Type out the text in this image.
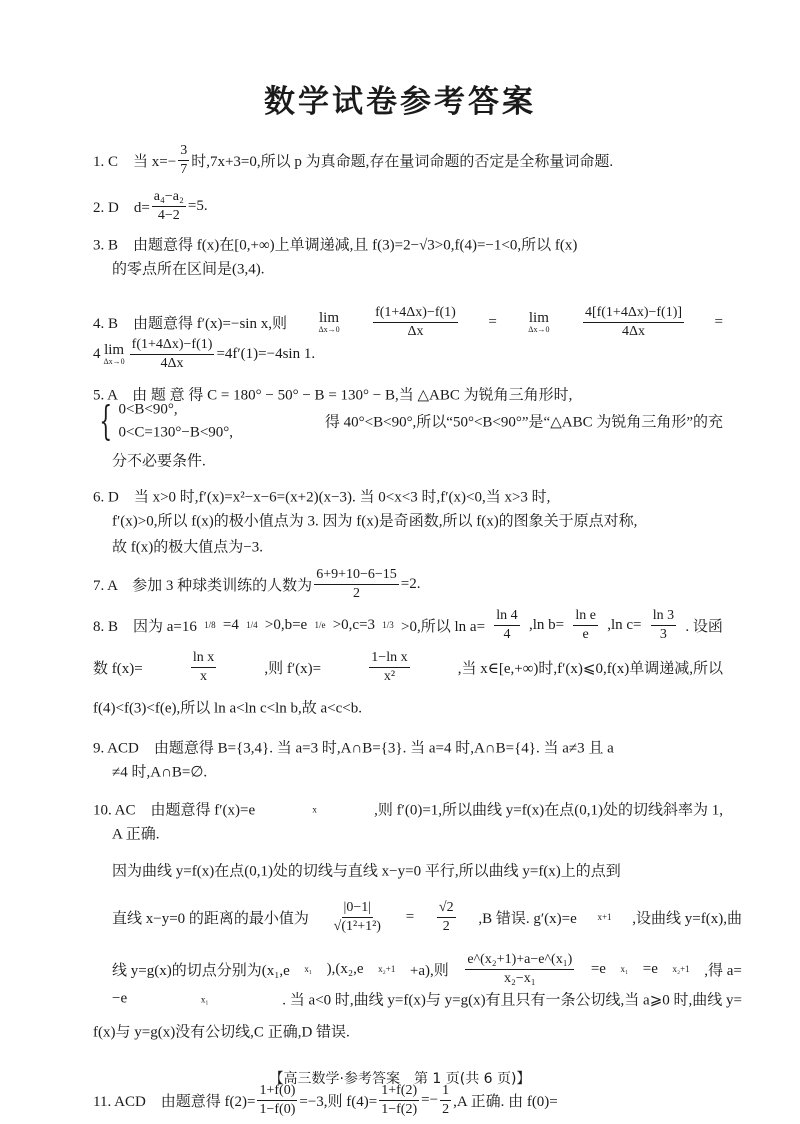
数学试卷参考答案
1. C　当 $x=- \frac{3}{7}$ 时,7x+3=0,所以 p 为真命题,存在量词命题的否定是全称量词命题.
2. D　$d= \frac{\text{a₄−a₂}}{4-2} =5$.
3. B　由题意得 f(x)在[0,+∞)上单调递减,且 f(3)=2−√3>0,f(4)=−1<0,所以 f(x)
的零点所在区间是(3,4).
4. B　由题意得 f′(x)=−sin x,则 lim
$\Delta x\to 0 \frac{f(1+4\Delta x)-f(1)}{\Delta x} = \lim$
$\Delta x\to 0 \frac{4[f(1+4\Delta x)-f(1)]}{4\Delta x}$ =
4 lim
$\Delta x\to 0 \frac{f(1+4\Delta x)-f(1)}{4\Delta x} =4f'(1)=-4\sin$ 1.
5. A　由 题 意 得 C = 180° − 50° − B = 130° − B,当 △ABC 为锐角三角形时,
{ 0<B<90°,
0<C=130°−B<90°,
得 40°<B<90°,所以“50°<B<90°”是“△ABC 为锐角三角形”的充
分不必要条件.
6. D　当 x>0 时,f′(x)=x²−x−6=(x+2)(x−3). 当 0<x<3 时,f′(x)<0,当 x>3 时,
f′(x)>0,所以 f(x)的极小值点为 3. 因为 f(x)是奇函数,所以 f(x)的图象关于原点对称,
故 f(x)的极大值点为−3.
7. A　参加 3 种球类训练的人数为 $\frac{6+9+10-6-15}{2} =2$.
8. B　因为 a=16 1/8 =4 1/4 >0,b=e 1/e >0,c=3 1/3 >0,所以 $\ln a= \frac{\ln 4}{4} ,\ln$ $b= \frac{\text{ln e}}{e} ,\ln$ $c= \frac{\ln 3}{3}$ . 设函
数 f(x)=	$\frac{\text{ln x}}{x}$	,则 f′(x)=	$\frac{\text{1−ln x}}{\text{x²}}$	,当 x∈[e,+∞)时,f′(x)⩽0,f(x)单调递减,所以
f(4)<f(3)<f(e),所以 ln a<ln c<ln b,故 a<c<b.
9. ACD　由题意得 B={3,4}. 当 a=3 时,A∩B={3}. 当 a=4 时,A∩B={4}. 当 a≠3 且 a
≠4 时,A∩B=∅.
10. AC　由题意得 f′(x)=e	x	,则 f′(0)=1,所以曲线 y=f(x)在点(0,1)处的切线斜率为 1,
A 正确.
因为曲线 y=f(x)在点(0,1)处的切线与直线 x−y=0 平行,所以曲线 y=f(x)上的点到
直线 x−y=0 的距离的最小值为 $\frac{|0-1|}{\text{√(1²+1²)}} = \frac{√2}{2} ,B$ 错误. g′(x)=e x+1 ,设曲线 y=f(x),曲
线 y=g(x)的切点分别为(x₁,e x₁ ),(x₂,e x₂+1 +a),则 $\frac{\text{e\textasciicircum{}(x₂+1)+a−e\textasciicircum{}(x₁)}}{\text{x₂−x₁}} =e$ x₁ =e x₂+1 ,得 a=
−e	x₁	. 当 a<0 时,曲线 y=f(x)与 y=g(x)有且只有一条公切线,当 a⩾0 时,曲线 y=
f(x)与 y=g(x)没有公切线,C 正确,D 错误.
11. ACD　由题意得 $f(2)= \frac{1+f(0)}{1-f(0)} =-3$,则 $f(4)= \frac{1+f(2)}{1-f(2)} =- \frac{1}{2} ,A$ 正确. 由 f(0)=
【高三数学·参考答案　第 1 页(共 6 页)】
